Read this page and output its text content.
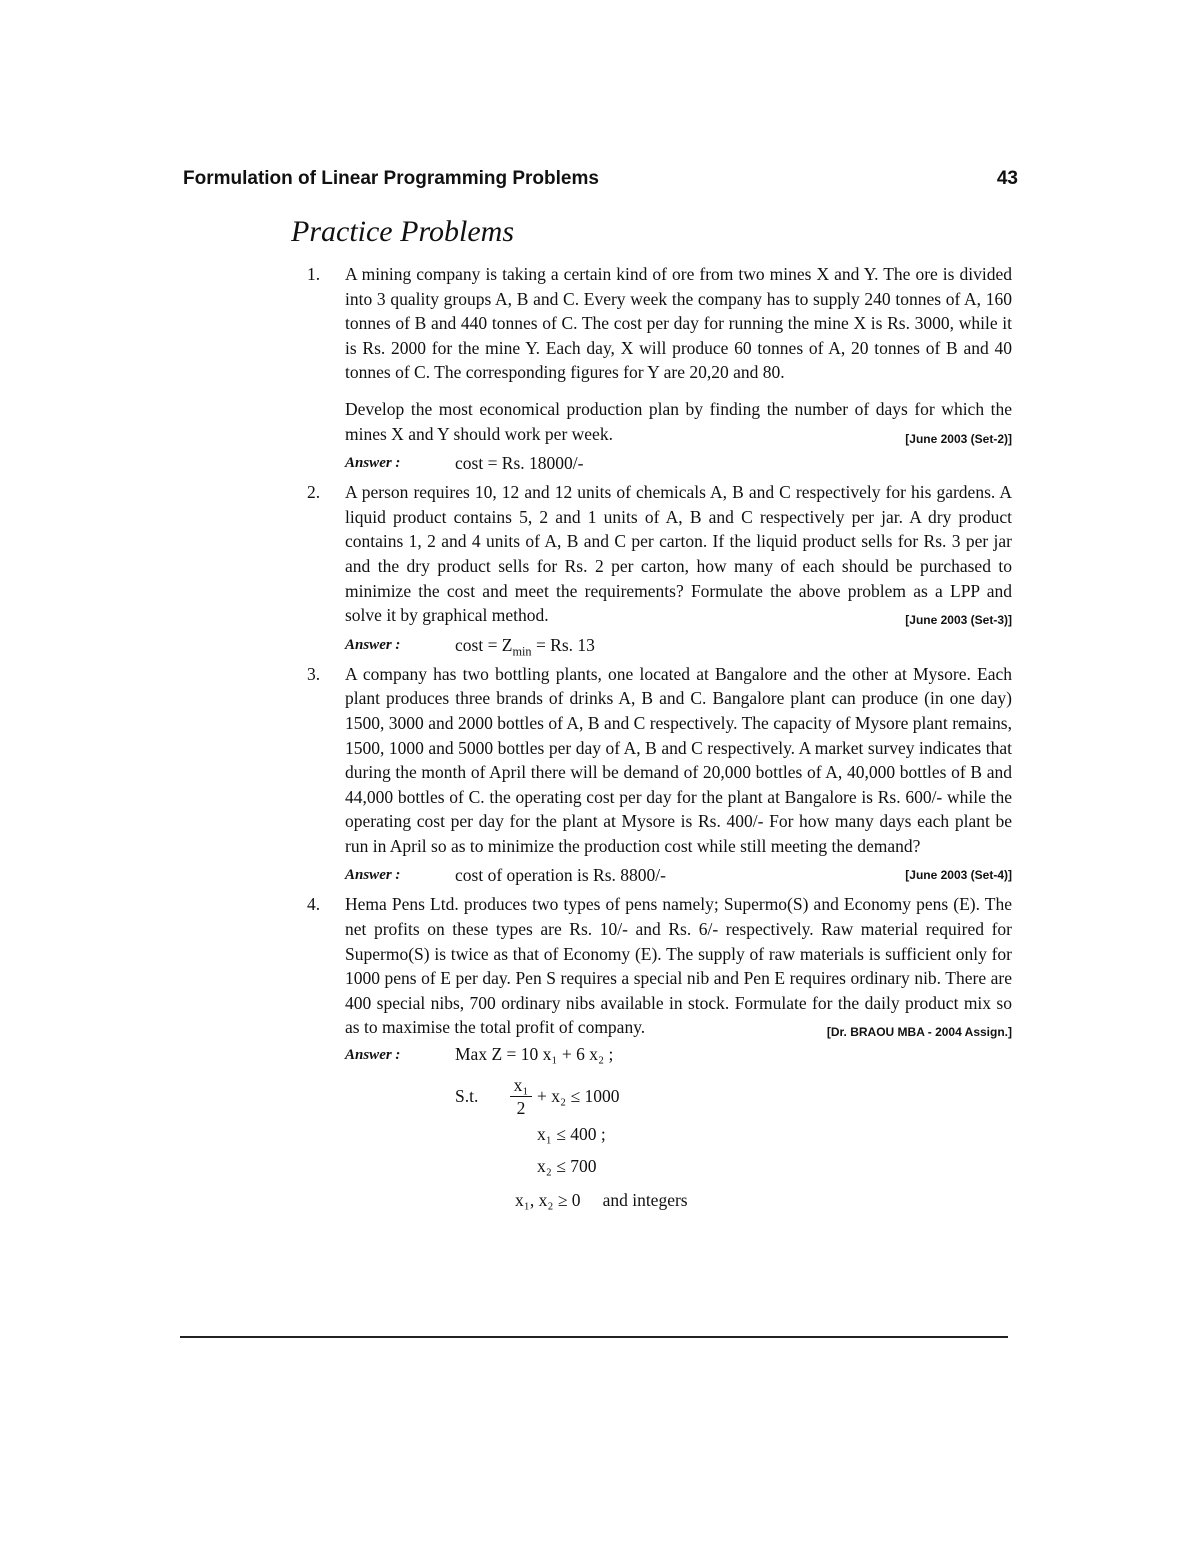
Formulation of Linear Programming Problems	43
Practice Problems
1. A mining company is taking a certain kind of ore from two mines X and Y. The ore is divided into 3 quality groups A, B and C. Every week the company has to supply 240 tonnes of A, 160 tonnes of B and 440 tonnes of C. The cost per day for running the mine X is Rs. 3000, while it is Rs. 2000 for the mine Y. Each day, X will produce 60 tonnes of A, 20 tonnes of B and 40 tonnes of C. The corresponding figures for Y are 20,20 and 80.

Develop the most economical production plan by finding the number of days for which the mines X and Y should work per week.	[June 2003 (Set-2)]

Answer :	cost = Rs. 18000/-
2. A person requires 10, 12 and 12 units of chemicals A, B and C respectively for his gardens. A liquid product contains 5, 2 and 1 units of A, B and C respectively per jar. A dry product contains 1, 2 and 4 units of A, B and C per carton. If the liquid product sells for Rs. 3 per jar and the dry product sells for Rs. 2 per carton, how many of each should be purchased to minimize the cost and meet the requirements? Formulate the above problem as a LPP and solve it by graphical method.	[June 2003 (Set-3)]

Answer :	$\cos t = Z_{min} = Rs$. 13
3. A company has two bottling plants, one located at Bangalore and the other at Mysore. Each plant produces three brands of drinks A, B and C. Bangalore plant can produce (in one day) 1500, 3000 and 2000 bottles of A, B and C respectively. The capacity of Mysore plant remains, 1500, 1000 and 5000 bottles per day of A, B and C respectively. A market survey indicates that during the month of April there will be demand of 20,000 bottles of A, 40,000 bottles of B and 44,000 bottles of C. the operating cost per day for the plant at Bangalore is Rs. 600/- while the operating cost per day for the plant at Mysore is Rs. 400/- For how many days each plant be run in April so as to minimize the production cost while still meeting the demand?
[June 2003 (Set-4)]

Answer :	cost of operation is Rs. 8800/-
4. Hema Pens Ltd. produces two types of pens namely; Supermo(S) and Economy pens (E). The net profits on these types are Rs. 10/- and Rs. 6/- respectively. Raw material required for Supermo(S) is twice as that of Economy (E). The supply of raw materials is sufficient only for 1000 pens of E per day. Pen S requires a special nib and Pen E requires ordinary nib. There are 400 special nibs, 700 ordinary nibs available in stock. Formulate for the daily product mix so as to maximise the total profit of company.	[Dr. BRAOU MBA - 2004 Assign.]

Answer :	Max Z = 10 x₁ + 6 x₂ ;
S.t. $\frac{\text{x₁}}{2} + x_2 \le 1000$
x₁ ≤ 400 ;
x₂ ≤ 700
x₁, x₂ ≥ 0 and integers
